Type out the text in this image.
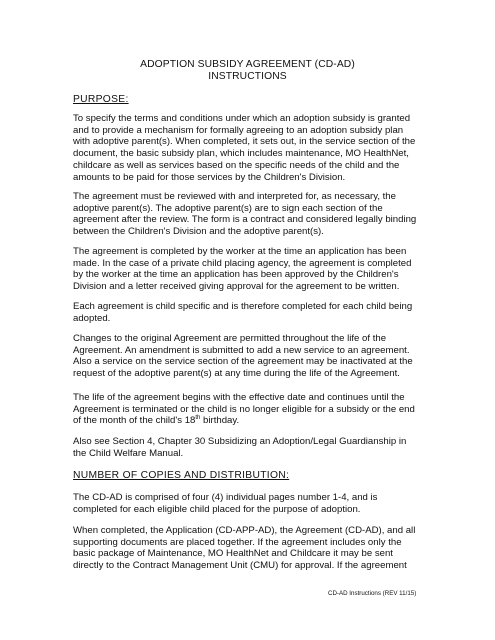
ADOPTION SUBSIDY AGREEMENT (CD-AD)
INSTRUCTIONS
PURPOSE:
To specify the terms and conditions under which an adoption subsidy is granted and to provide a mechanism for formally agreeing to an adoption subsidy plan with adoptive parent(s). When completed, it sets out, in the service section of the document, the basic subsidy plan, which includes maintenance, MO HealthNet, childcare as well as services based on the specific needs of the child and the amounts to be paid for those services by the Children's Division.
The agreement must be reviewed with and interpreted for, as necessary, the adoptive parent(s). The adoptive parent(s) are to sign each section of the agreement after the review. The form is a contract and considered legally binding between the Children's Division and the adoptive parent(s).
The agreement is completed by the worker at the time an application has been made. In the case of a private child placing agency, the agreement is completed by the worker at the time an application has been approved by the Children's Division and a letter received giving approval for the agreement to be written.
Each agreement is child specific and is therefore completed for each child being adopted.
Changes to the original Agreement are permitted throughout the life of the Agreement. An amendment is submitted to add a new service to an agreement. Also a service on the service section of the agreement may be inactivated at the request of the adoptive parent(s) at any time during the life of the Agreement.
The life of the agreement begins with the effective date and continues until the Agreement is terminated or the child is no longer eligible for a subsidy or the end of the month of the child's 18th birthday.
Also see Section 4, Chapter 30 Subsidizing an Adoption/Legal Guardianship in the Child Welfare Manual.
NUMBER OF COPIES AND DISTRIBUTION:
The CD-AD is comprised of four (4) individual pages number 1-4, and is completed for each eligible child placed for the purpose of adoption.
When completed, the Application (CD-APP-AD), the Agreement (CD-AD), and all supporting documents are placed together. If the agreement includes only the basic package of Maintenance, MO HealthNet and Childcare it may be sent directly to the Contract Management Unit (CMU) for approval. If the agreement
CD-AD Instructions (REV 11/15)
